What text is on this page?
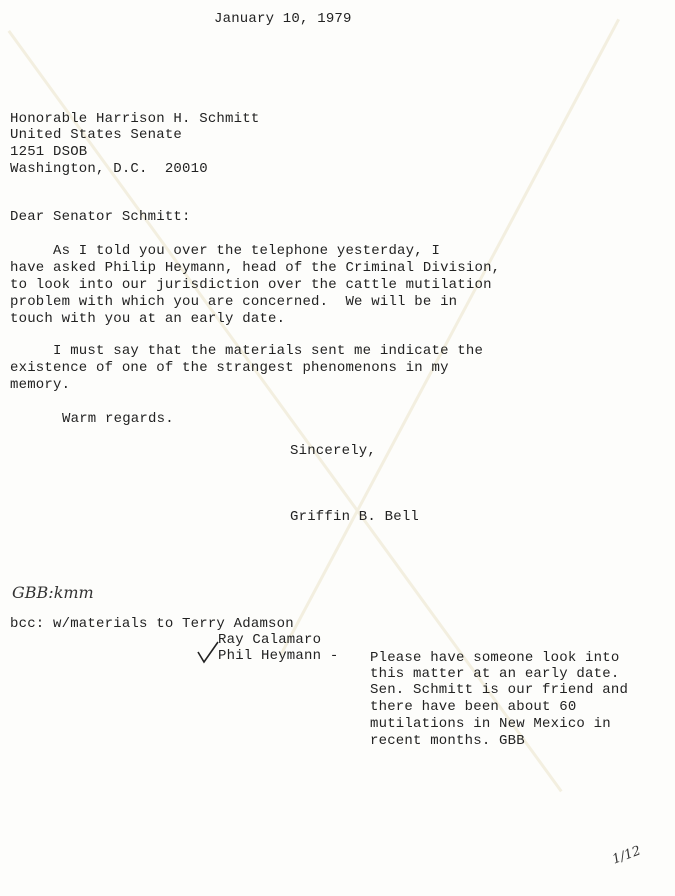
January 10, 1979
Honorable Harrison H. Schmitt
United States Senate
1251 DSOB
Washington, D.C.  20010
Dear Senator Schmitt:
As I told you over the telephone yesterday, I
have asked Philip Heymann, head of the Criminal Division,
to look into our jurisdiction over the cattle mutilation
problem with which you are concerned.  We will be in
touch with you at an early date.
I must say that the materials sent me indicate the
existence of one of the strangest phenomenons in my
memory.
Warm regards.
Sincerely,
Griffin B. Bell
GBB:kmm
bcc: w/materials to Terry Adamson
Ray Calamaro
Phil Heymann - Please have someone look into
this matter at an early date.
Sen. Schmitt is our friend and
there have been about 60
mutilations in New Mexico in
recent months. GBB
1/12
